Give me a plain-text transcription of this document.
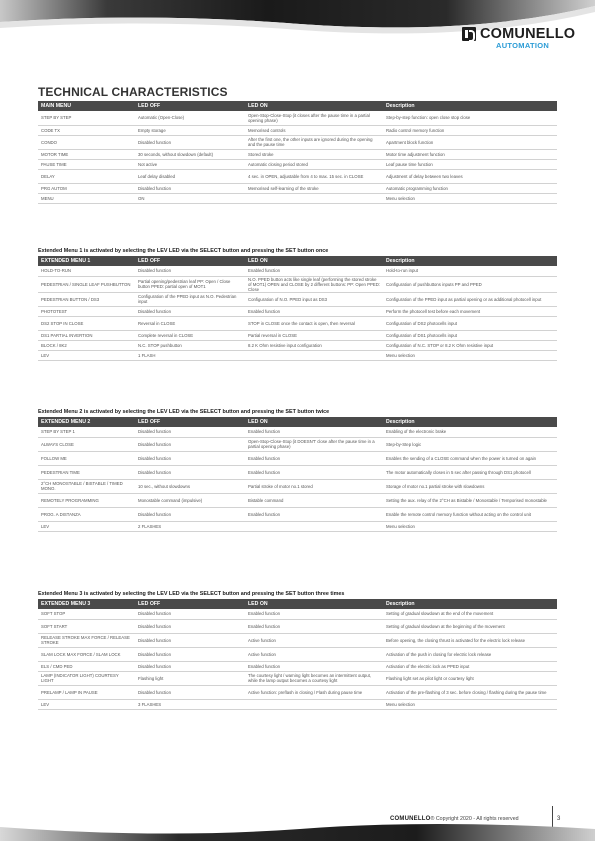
COMUNELLO
AUTOMATION
TECHNICAL CHARACTERISTICS
MAIN MENU	LED OFF	LED ON	Description
STEP BY STEP	Automatic (Open-Close)	Open-Stop-Close-Stop (it closes after the pause time in a partial opening phase)	Step-by-step function: open close stop close
CODE TX	Empty storage	Memorised controls	Radio control memory function
CONDO	Disabled function	After the first one, the other inputs are ignored during the opening and the pause time	Apartment block function
MOTOR TIME	30 seconds, without slowdown (default)	Stored stroke	Motor time adjustment function
PAUSE TIME	Not active	Automatic closing period stored	Leaf pause time function
DELAY	Leaf delay disabled	4 sec. in OPEN, adjustable from 4 to max. 15 sec. in CLOSE	Adjustment of delay between two leaves
PRG AUTOM	Disabled function	Memorised self-learning of the stroke	Automatic programming function
MENU	ON		Menu selection
Extended Menu 1 is activated by selecting the LEV LED via the SELECT button and pressing the SET button once
EXTENDED MENU 1	LED OFF	LED ON	Description
HOLD-TO-RUN	Disabled function	Enabled function	Hold-to-run input
PEDESTRIAN / SINGLE LEAF PUSHBUTTON	Partial opening/pedestrian leaf PP: Open / Close button PPED: partial open of MOT1	N.O. PPED button acts like single leaf (performing the stored stroke of MOT1) OPEN and CLOSE by 2 different buttons: PP: Open PPED: Close	Configuration of pushbuttons inputs PP and PPED
PEDESTRIAN BUTTON / DS3	Configuration of the PPED input as N.O. Pedestrian input	Configuration of N.O. PPED input as DS3	Configuration of the PPED input as partial opening or as additional photocell input
PHOTOTEST	Disabled function	Enabled function	Perform the photocell test before each movement
DS2 STOP IN CLOSE	Reversal in CLOSE	STOP in CLOSE once the contact is open, then reversal	Configuration of DS2 photocells input
DS1 PARTIAL INVERTION	Complete reversal in CLOSE	Partial reversal in CLOSE	Configuration of DS1 photocells input
BLOCK / 8K2	N.C. STOP pushbutton	8.2 K Ohm resistive input configuration	Configuration of N.C. STOP or 8.2 K Ohm resistive input
LEV	1 FLASH		Menu selection
Extended Menu 2 is activated by selecting the LEV LED via the SELECT button and pressing the SET button twice
EXTENDED MENU 2	LED OFF	LED ON	Description
STEP BY STEP 1	Disabled function	Enabled function	Enabling of the electronic brake
ALWAYS CLOSE	Disabled function	Open-Stop-Close-Stop (it DOESN'T close after the pause time in a partial opening phase)	Step-by-Step logic
FOLLOW ME	Disabled function	Enabled function	Enables the sending of a CLOSE command when the power is turned on again
PEDESTRIAN TIME	Disabled function	Enabled function	The motor automatically closes in 5 sec after passing through DS1 photocell
2°CH MONOSTABLE / BISTABLE / TIMED MONO.	10 sec., without slowdowns	Partial stroke of motor no.1 stored	Storage of motor no.1 partial stroke with slowdowns
REMOTELY PROGRAMMING	Monostable command (impulsive)	Bistable command	Setting the aux. relay of the 2°CH as Bistable / Monostable / Temporised monostable
PROG. A DISTANZA	Disabled function	Enabled function	Enable the remote control memory function without acting on the control unit
LEV	2 FLASHES		Menu selection
Extended Menu 3 is activated by selecting the LEV LED via the SELECT button and pressing the SET button three times
EXTENDED MENU 3	LED OFF	LED ON	Description
SOFT STOP	Disabled function	Enabled function	Setting of gradual slowdown at the end of the movement
SOFT START	Disabled function	Enabled function	Setting of gradual slowdown at the beginning of the movement
RELEASE STROKE MAX FORCE / RELEASE STROKE	Disabled function	Active function	Before opening, the closing thrust is activated for the electric lock release
SLAM LOCK MAX FORCE / SLAM LOCK	Disabled function	Active function	Activation of the push in closing for electric lock release
ELS / CMD PED	Disabled function	Enabled function	Activation of the electric lock as PPED input
LAMP (INDICATOR LIGHT) COURTESY LIGHT	Flashing light	The courtesy light / warning light becomes an intermittent output, while the lamp output becomes a courtesy light	Flashing light set as pilot light or courtesy light
PRELAMP / LAMP IN PAUSE	Disabled function	Active function: preflash in closing / Flash during pause time	Activation of the pre-flashing of 3 sec. before closing / flashing during the pause time
LEV	3 FLASHES		Menu selection
COMUNELLO® Copyright 2020 - All rights reserved	3
